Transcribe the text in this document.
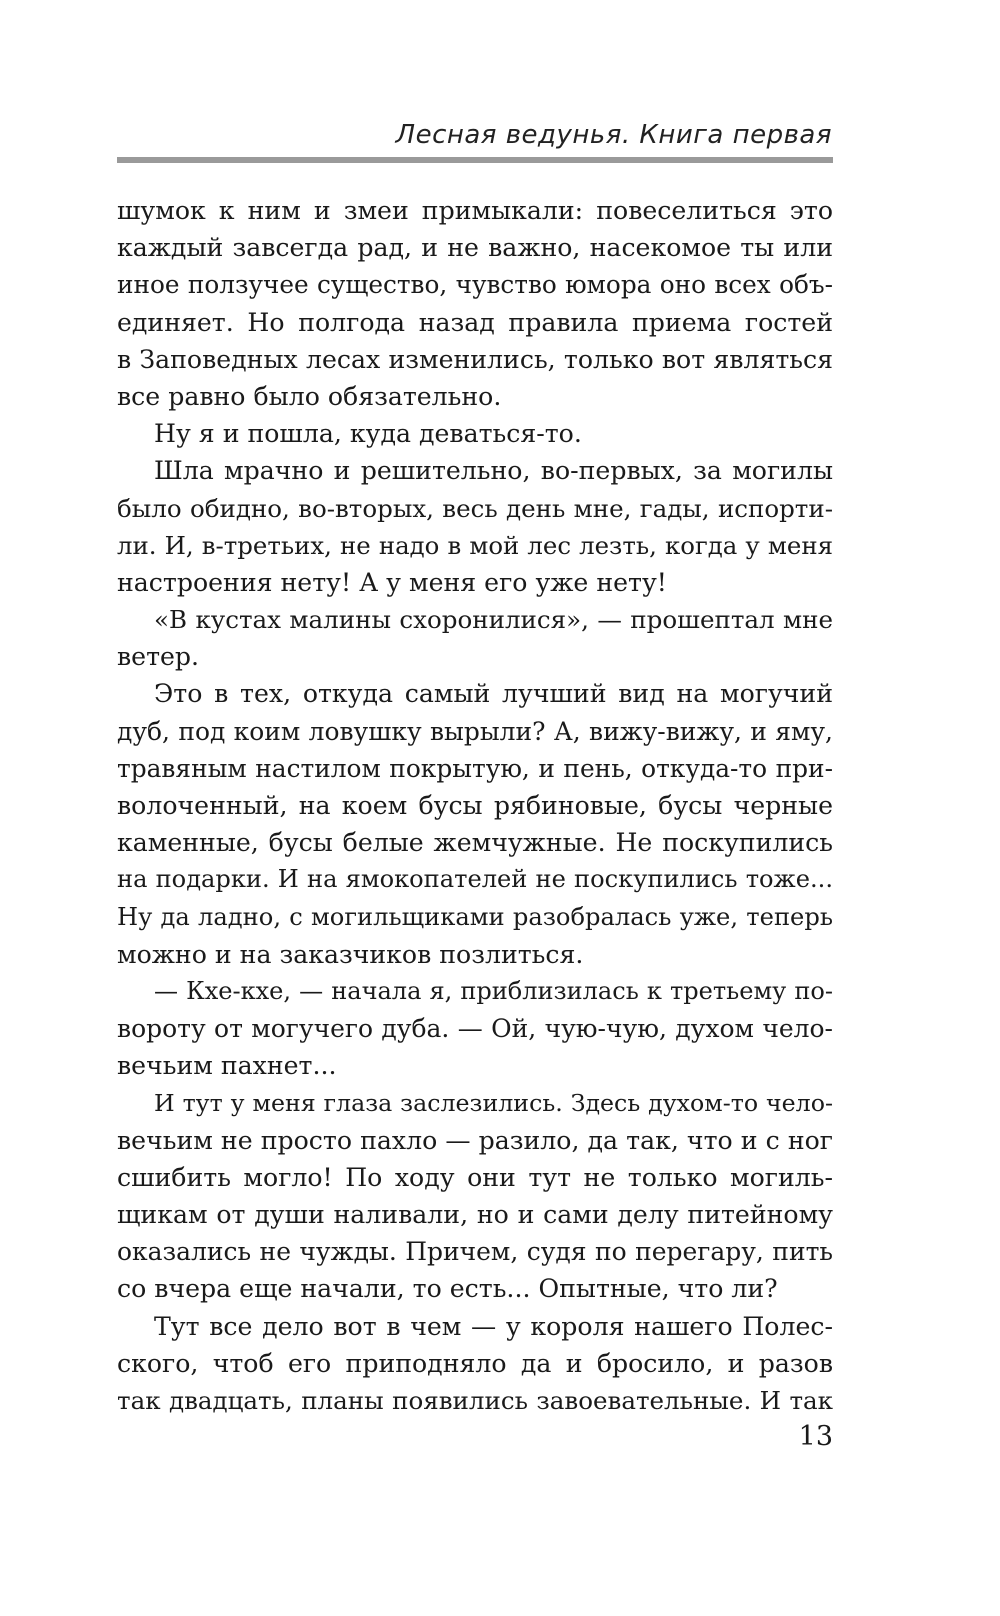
Лесная ведунья. Книга первая
шумок к ним и змеи примыкали: повеселиться это
каждый завсегда рад, и не важно, насекомое ты или
иное ползучее существо, чувство юмора оно всех объ-
единяет. Но полгода назад правила приема гостей
в Заповедных лесах изменились, только вот являться
все равно было обязательно.
Ну я и пошла, куда деваться-то.
Шла мрачно и решительно, во-первых, за могилы
было обидно, во-вторых, весь день мне, гады, испорти-
ли. И, в-третьих, не надо в мой лес лезть, когда у меня
настроения нету! А у меня его уже нету!
«В кустах малины схоронилися», — прошептал мне
ветер.
Это в тех, откуда самый лучший вид на могучий
дуб, под коим ловушку вырыли? А, вижу-вижу, и яму,
травяным настилом покрытую, и пень, откуда-то при-
волоченный, на коем бусы рябиновые, бусы черные
каменные, бусы белые жемчужные. Не поскупились
на подарки. И на ямокопателей не поскупились тоже...
Ну да ладно, с могильщиками разобралась уже, теперь
можно и на заказчиков позлиться.
— Кхе-кхе, — начала я, приблизилась к третьему по-
вороту от могучего дуба. — Ой, чую-чую, духом чело-
вечьим пахнет...
И тут у меня глаза заслезились. Здесь духом-то чело-
вечьим не просто пахло — разило, да так, что и с ног
сшибить могло! По ходу они тут не только могиль-
щикам от души наливали, но и сами делу питейному
оказались не чужды. Причем, судя по перегару, пить
со вчера еще начали, то есть... Опытные, что ли?
Тут все дело вот в чем — у короля нашего Полес-
ского, чтоб его приподняло да и бросило, и разов
так двадцать, планы появились завоевательные. И так
13
